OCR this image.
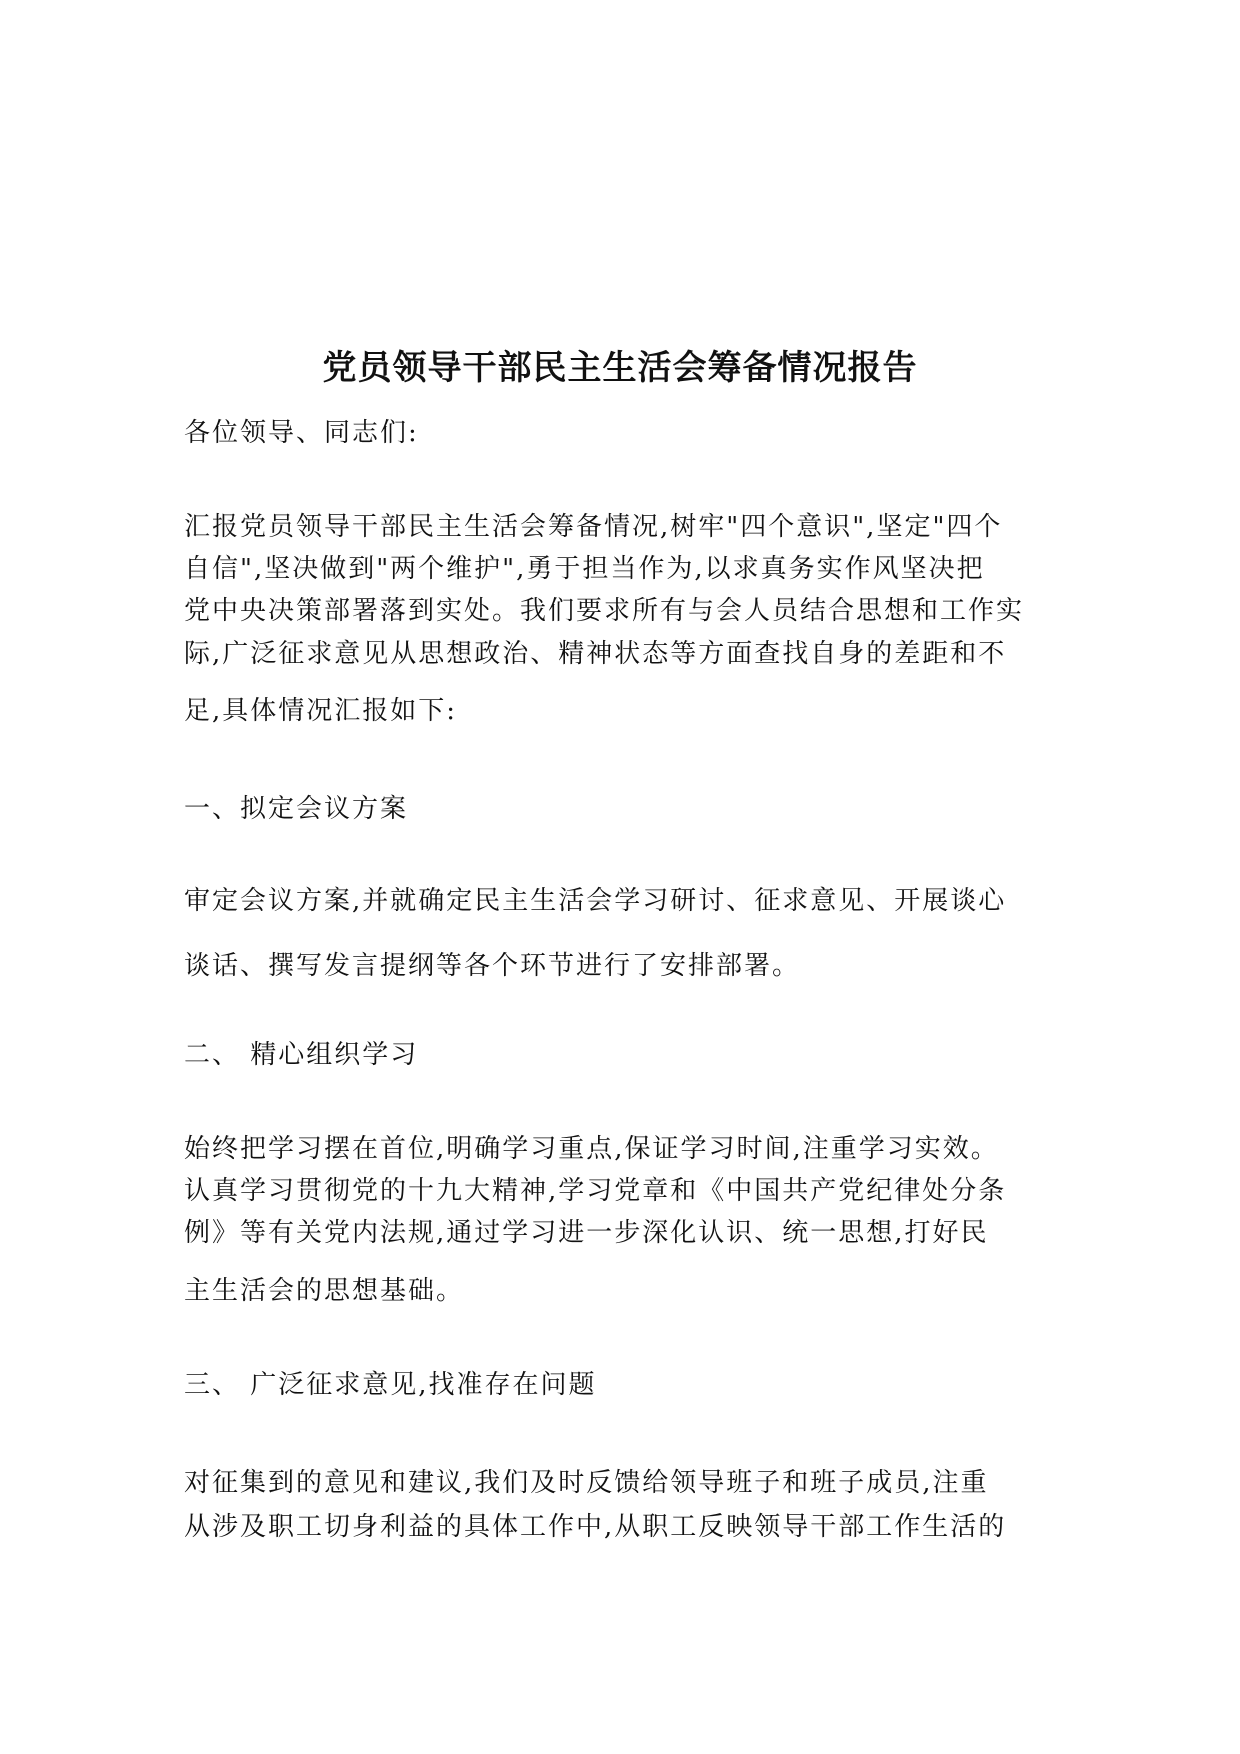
党员领导干部民主生活会筹备情况报告
各位领导、同志们:
汇报党员领导干部民主生活会筹备情况,树牢"四个意识",坚定"四个
自信",坚决做到"两个维护",勇于担当作为,以求真务实作风坚决把
党中央决策部署落到实处。我们要求所有与会人员结合思想和工作实
际,广泛征求意见从思想政治、精神状态等方面查找自身的差距和不
足,具体情况汇报如下:
一、拟定会议方案
审定会议方案,并就确定民主生活会学习研讨、征求意见、开展谈心
谈话、撰写发言提纲等各个环节进行了安排部署。
二、 精心组织学习
始终把学习摆在首位,明确学习重点,保证学习时间,注重学习实效。
认真学习贯彻党的十九大精神,学习党章和《中国共产党纪律处分条
例》等有关党内法规,通过学习进一步深化认识、统一思想,打好民
主生活会的思想基础。
三、 广泛征求意见,找准存在问题
对征集到的意见和建议,我们及时反馈给领导班子和班子成员,注重
从涉及职工切身利益的具体工作中,从职工反映领导干部工作生活的
